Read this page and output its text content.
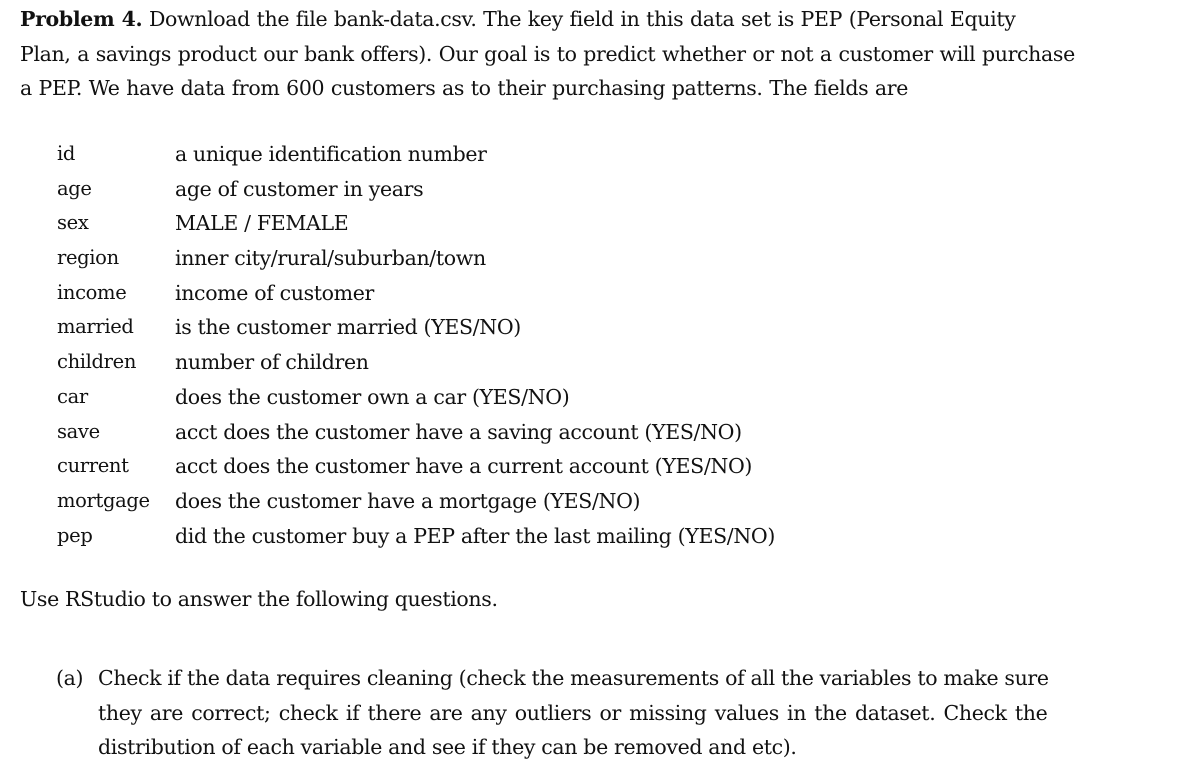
Problem 4. Download the file bank-data.csv. The key field in this data set is PEP (Personal Equity
Plan, a savings product our bank offers). Our goal is to predict whether or not a customer will purchase
a PEP. We have data from 600 customers as to their purchasing patterns. The fields are
id	a unique identification number
age	age of customer in years
sex	MALE / FEMALE
region	inner city/rural/suburban/town
income	income of customer
married	is the customer married (YES/NO)
children	number of children
car	does the customer own a car (YES/NO)
save	acct does the customer have a saving account (YES/NO)
current	acct does the customer have a current account (YES/NO)
mortgage	does the customer have a mortgage (YES/NO)
pep	did the customer buy a PEP after the last mailing (YES/NO)
Use RStudio to answer the following questions.
(a) Check if the data requires cleaning (check the measurements of all the variables to make sure
they are correct; check if there are any outliers or missing values in the dataset. Check the
distribution of each variable and see if they can be removed and etc).
